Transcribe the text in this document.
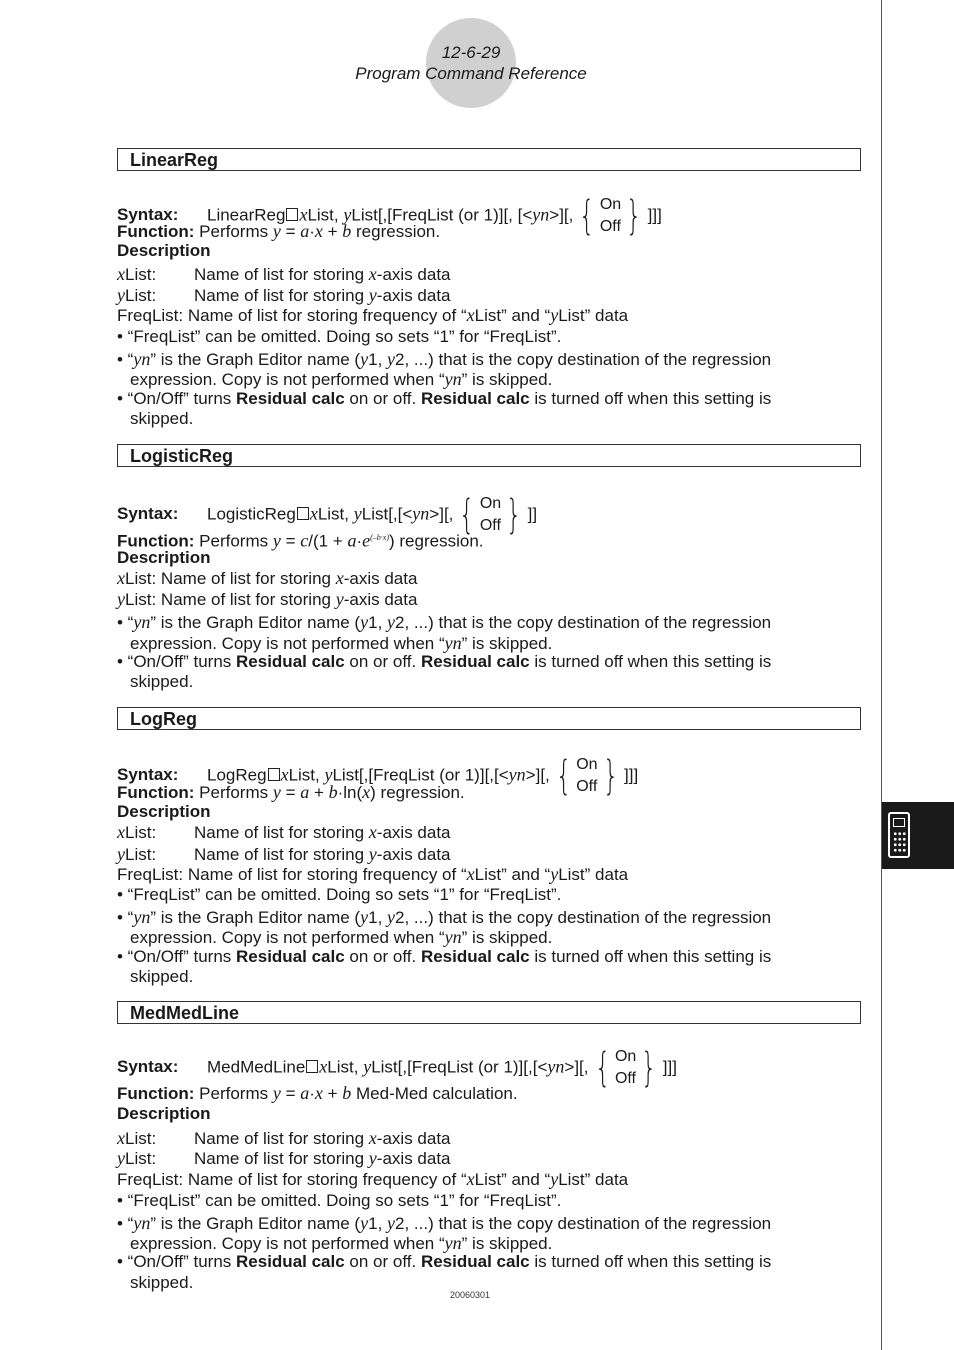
12-6-29
Program Command Reference
LinearReg
Syntax: LinearReg xList, yList[,[FreqList (or 1)][, [<yn>][, { On
Off } ]]]
Function: Performs y = a·x + b regression.
Description
xList: Name of list for storing x-axis data
yList: Name of list for storing y-axis data
FreqList: Name of list for storing frequency of “xList” and “yList” data
• “FreqList” can be omitted. Doing so sets “1” for “FreqList”.
• “yn” is the Graph Editor name (y1, y2, ...) that is the copy destination of the regression
expression. Copy is not performed when “yn” is skipped.
• “On/Off” turns Residual calc on or off. Residual calc is turned off when this setting is
skipped.
LogisticReg
Syntax: LogisticReg xList, yList[,[<yn>][, { On
Off } ]]
Function: Performs $y = c/(1 + a\cdot e^{(-b\cdot x)})$ regression.
Description
xList: Name of list for storing x-axis data
yList: Name of list for storing y-axis data
• “yn” is the Graph Editor name (y1, y2, ...) that is the copy destination of the regression
expression. Copy is not performed when “yn” is skipped.
• “On/Off” turns Residual calc on or off. Residual calc is turned off when this setting is
skipped.
LogReg
Syntax: LogReg xList, yList[,[FreqList (or 1)][,[<yn>][, { On
Off } ]]]
Function: Performs y = a + b·ln(x) regression.
Description
xList: Name of list for storing x-axis data
yList: Name of list for storing y-axis data
FreqList: Name of list for storing frequency of “xList” and “yList” data
• “FreqList” can be omitted. Doing so sets “1” for “FreqList”.
• “yn” is the Graph Editor name (y1, y2, ...) that is the copy destination of the regression
expression. Copy is not performed when “yn” is skipped.
• “On/Off” turns Residual calc on or off. Residual calc is turned off when this setting is
skipped.
MedMedLine
Syntax: MedMedLine xList, yList[,[FreqList (or 1)][,[<yn>][, { On
Off } ]]]
Function: Performs y = a·x + b Med-Med calculation.
Description
xList: Name of list for storing x-axis data
yList: Name of list for storing y-axis data
FreqList: Name of list for storing frequency of “xList” and “yList” data
• “FreqList” can be omitted. Doing so sets “1” for “FreqList”.
• “yn” is the Graph Editor name (y1, y2, ...) that is the copy destination of the regression
expression. Copy is not performed when “yn” is skipped.
• “On/Off” turns Residual calc on or off. Residual calc is turned off when this setting is
skipped.
20060301
